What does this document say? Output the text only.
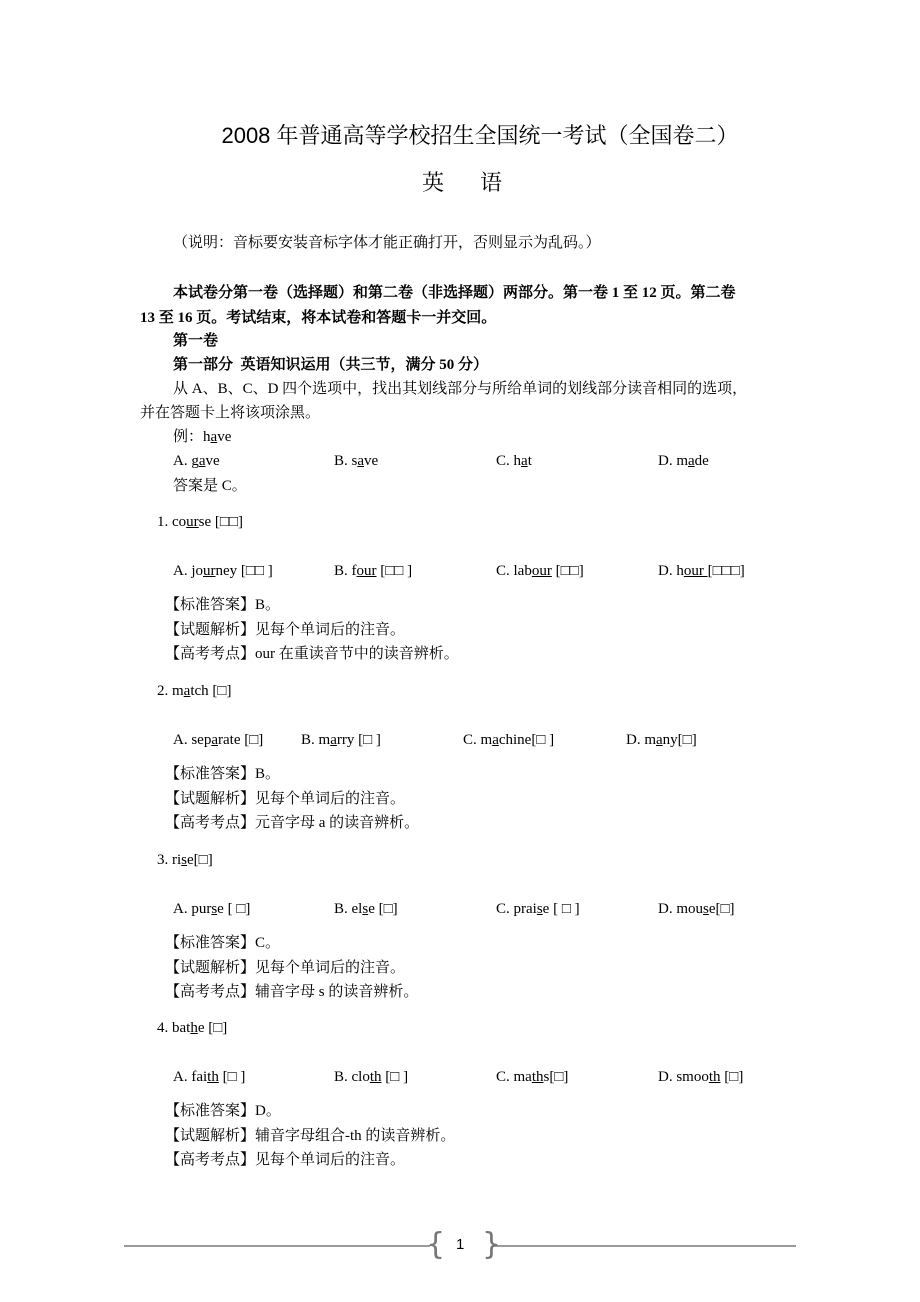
2008 年普通高等学校招生全国统一考试（全国卷二）
英语
（说明：音标要安装音标字体才能正确打开，否则显示为乱码。）
本试卷分第一卷（选择题）和第二卷（非选择题）两部分。第一卷 1 至 12 页。第二卷
13 至 16 页。考试结束，将本试卷和答题卡一并交回。
第一卷
第一部分  英语知识运用（共三节，满分 50 分）
从 A、B、C、D 四个选项中，找出其划线部分与所给单词的划线部分读音相同的选项，
并在答题卡上将该项涂黑。
例：have
A. gave	B. save	C. hat	D. made
答案是 C。
1. course [□□]
A. journey [□□ ]	B. four [□□ ]	C. labour [□□]	D. hour [□□□]
【标准答案】B。
【试题解析】见每个单词后的注音。
【高考考点】our 在重读音节中的读音辨析。
2. match [□]
A. separate [□]	B. marry [□ ]	C. machine[□ ]	D. many[□]
【标准答案】B。
【试题解析】见每个单词后的注音。
【高考考点】元音字母 a 的读音辨析。
3. rise[□]
A. purse [ □]	B. else [□]	C. praise [ □ ]	D. mouse[□]
【标准答案】C。
【试题解析】见每个单词后的注音。
【高考考点】辅音字母 s 的读音辨析。
4. bathe [□]
A. faith [□ ]	B. cloth [□ ]	C. maths[□]	D. smooth [□]
【标准答案】D。
【试题解析】辅音字母组合-th 的读音辨析。
【高考考点】见每个单词后的注音。
{ }
1
